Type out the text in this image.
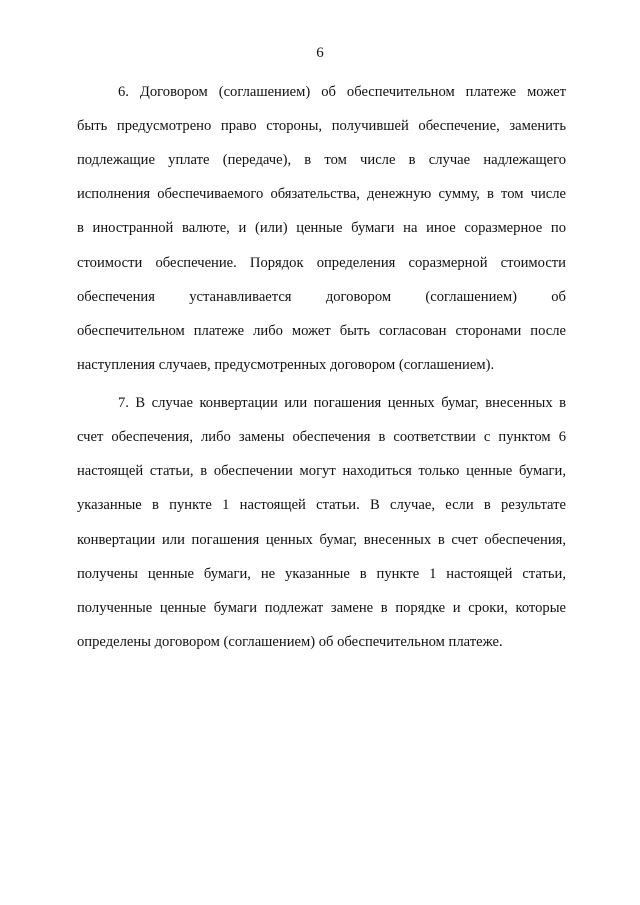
6
6. Договором (соглашением) об обеспечительном платеже может
быть предусмотрено право стороны, получившей обеспечение, заменить
подлежащие уплате (передаче), в том числе в случае надлежащего
исполнения обеспечиваемого обязательства, денежную сумму, в том числе
в иностранной валюте, и (или) ценные бумаги на иное соразмерное по
стоимости обеспечение. Порядок определения соразмерной стоимости
обеспечения устанавливается договором (соглашением) об
обеспечительном платеже либо может быть согласован сторонами после
наступления случаев, предусмотренных договором (соглашением).
7. В случае конвертации или погашения ценных бумаг, внесенных в
счет обеспечения, либо замены обеспечения в соответствии с пунктом 6
настоящей статьи, в обеспечении могут находиться только ценные бумаги,
указанные в пункте 1 настоящей статьи. В случае, если в результате
конвертации или погашения ценных бумаг, внесенных в счет обеспечения,
получены ценные бумаги, не указанные в пункте 1 настоящей статьи,
полученные ценные бумаги подлежат замене в порядке и сроки, которые
определены договором (соглашением) об обеспечительном платеже.
